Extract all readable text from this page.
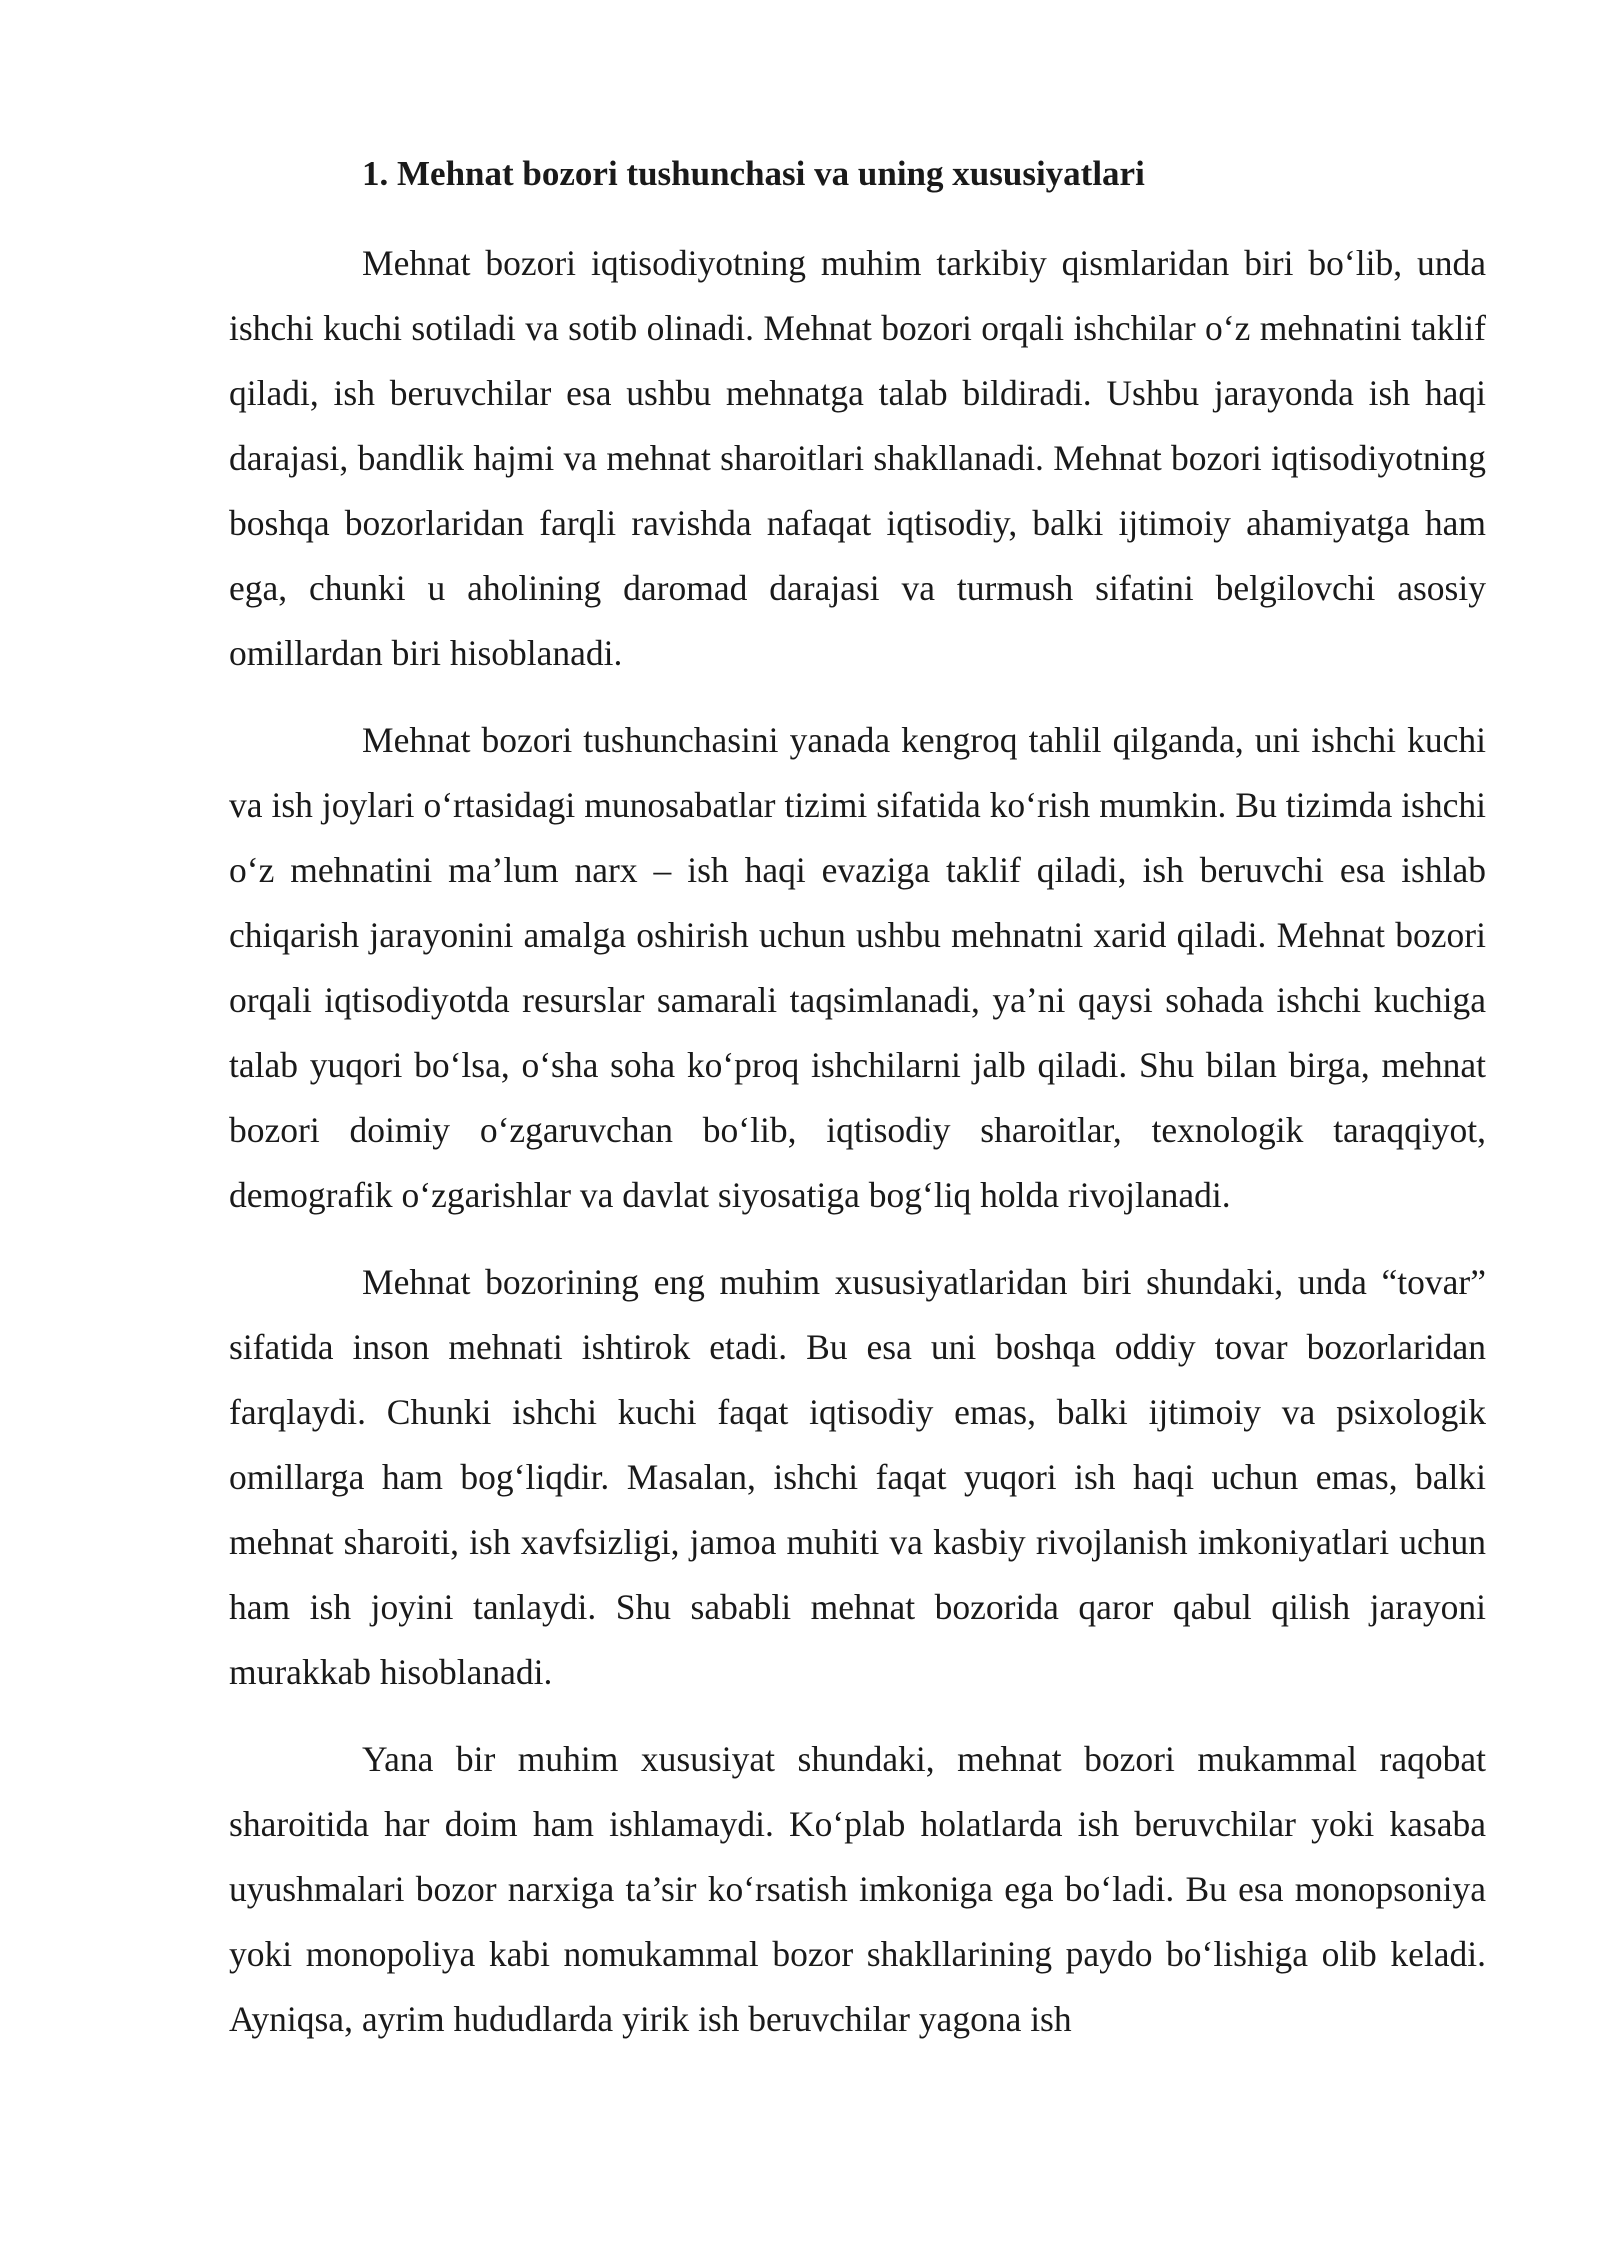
1. Mehnat bozori tushunchasi va uning xususiyatlari

Mehnat bozori iqtisodiyotning muhim tarkibiy qismlaridan biri bo‘lib, unda ishchi kuchi sotiladi va sotib olinadi. Mehnat bozori orqali ishchilar o‘z mehnatini taklif qiladi, ish beruvchilar esa ushbu mehnatga talab bildiradi. Ushbu jarayonda ish haqi darajasi, bandlik hajmi va mehnat sharoitlari shakllanadi. Mehnat bozori iqtisodiyotning boshqa bozorlaridan farqli ravishda nafaqat iqtisodiy, balki ijtimoiy ahamiyatga ham ega, chunki u aholining daromad darajasi va turmush sifatini belgilovchi asosiy omillardan biri hisoblanadi.

Mehnat bozori tushunchasini yanada kengroq tahlil qilganda, uni ishchi kuchi va ish joylari o‘rtasidagi munosabatlar tizimi sifatida ko‘rish mumkin. Bu tizimda ishchi o‘z mehnatini ma’lum narx – ish haqi evaziga taklif qiladi, ish beruvchi esa ishlab chiqarish jarayonini amalga oshirish uchun ushbu mehnatni xarid qiladi. Mehnat bozori orqali iqtisodiyotda resurslar samarali taqsimlanadi, ya’ni qaysi sohada ishchi kuchiga talab yuqori bo‘lsa, o‘sha soha ko‘proq ishchilarni jalb qiladi. Shu bilan birga, mehnat bozori doimiy o‘zgaruvchan bo‘lib, iqtisodiy sharoitlar, texnologik taraqqiyot, demografik o‘zgarishlar va davlat siyosatiga bog‘liq holda rivojlanadi.

Mehnat bozorining eng muhim xususiyatlaridan biri shundaki, unda “tovar” sifatida inson mehnati ishtirok etadi. Bu esa uni boshqa oddiy tovar bozorlaridan farqlaydi. Chunki ishchi kuchi faqat iqtisodiy emas, balki ijtimoiy va psixologik omillarga ham bog‘liqdir. Masalan, ishchi faqat yuqori ish haqi uchun emas, balki mehnat sharoiti, ish xavfsizligi, jamoa muhiti va kasbiy rivojlanish imkoniyatlari uchun ham ish joyini tanlaydi. Shu sababli mehnat bozorida qaror qabul qilish jarayoni murakkab hisoblanadi.

Yana bir muhim xususiyat shundaki, mehnat bozori mukammal raqobat sharoitida har doim ham ishlamaydi. Ko‘plab holatlarda ish beruvchilar yoki kasaba uyushmalari bozor narxiga ta’sir ko‘rsatish imkoniga ega bo‘ladi. Bu esa monopsoniya yoki monopoliya kabi nomukammal bozor shakllarining paydo bo‘lishiga olib keladi. Ayniqsa, ayrim hududlarda yirik ish beruvchilar yagona ish
